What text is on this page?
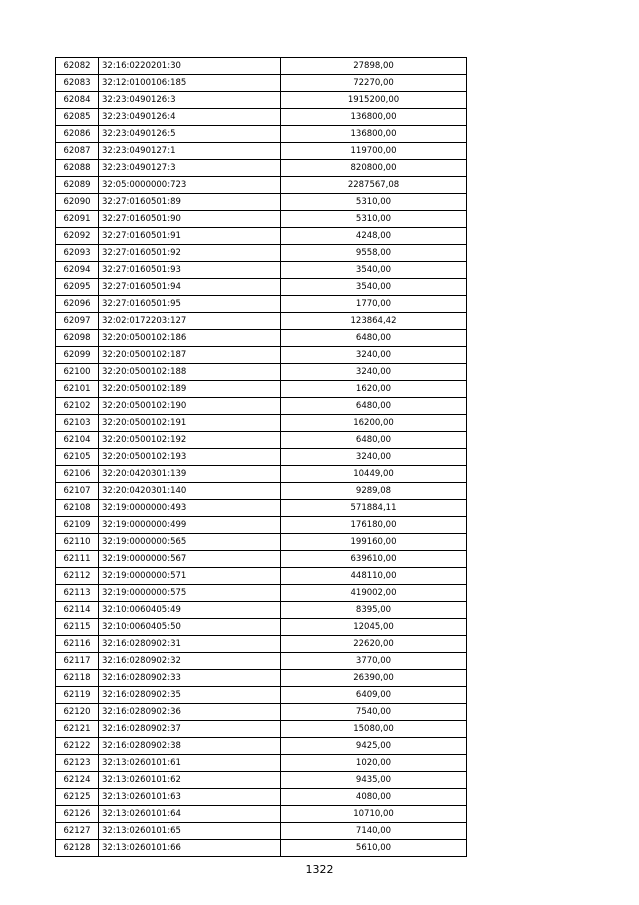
62082	32:16:0220201:30	27898,00
62083	32:12:0100106:185	72270,00
62084	32:23:0490126:3	1915200,00
62085	32:23:0490126:4	136800,00
62086	32:23:0490126:5	136800,00
62087	32:23:0490127:1	119700,00
62088	32:23:0490127:3	820800,00
62089	32:05:0000000:723	2287567,08
62090	32:27:0160501:89	5310,00
62091	32:27:0160501:90	5310,00
62092	32:27:0160501:91	4248,00
62093	32:27:0160501:92	9558,00
62094	32:27:0160501:93	3540,00
62095	32:27:0160501:94	3540,00
62096	32:27:0160501:95	1770,00
62097	32:02:0172203:127	123864,42
62098	32:20:0500102:186	6480,00
62099	32:20:0500102:187	3240,00
62100	32:20:0500102:188	3240,00
62101	32:20:0500102:189	1620,00
62102	32:20:0500102:190	6480,00
62103	32:20:0500102:191	16200,00
62104	32:20:0500102:192	6480,00
62105	32:20:0500102:193	3240,00
62106	32:20:0420301:139	10449,00
62107	32:20:0420301:140	9289,08
62108	32:19:0000000:493	571884,11
62109	32:19:0000000:499	176180,00
62110	32:19:0000000:565	199160,00
62111	32:19:0000000:567	639610,00
62112	32:19:0000000:571	448110,00
62113	32:19:0000000:575	419002,00
62114	32:10:0060405:49	8395,00
62115	32:10:0060405:50	12045,00
62116	32:16:0280902:31	22620,00
62117	32:16:0280902:32	3770,00
62118	32:16:0280902:33	26390,00
62119	32:16:0280902:35	6409,00
62120	32:16:0280902:36	7540,00
62121	32:16:0280902:37	15080,00
62122	32:16:0280902:38	9425,00
62123	32:13:0260101:61	1020,00
62124	32:13:0260101:62	9435,00
62125	32:13:0260101:63	4080,00
62126	32:13:0260101:64	10710,00
62127	32:13:0260101:65	7140,00
62128	32:13:0260101:66	5610,00
1322
